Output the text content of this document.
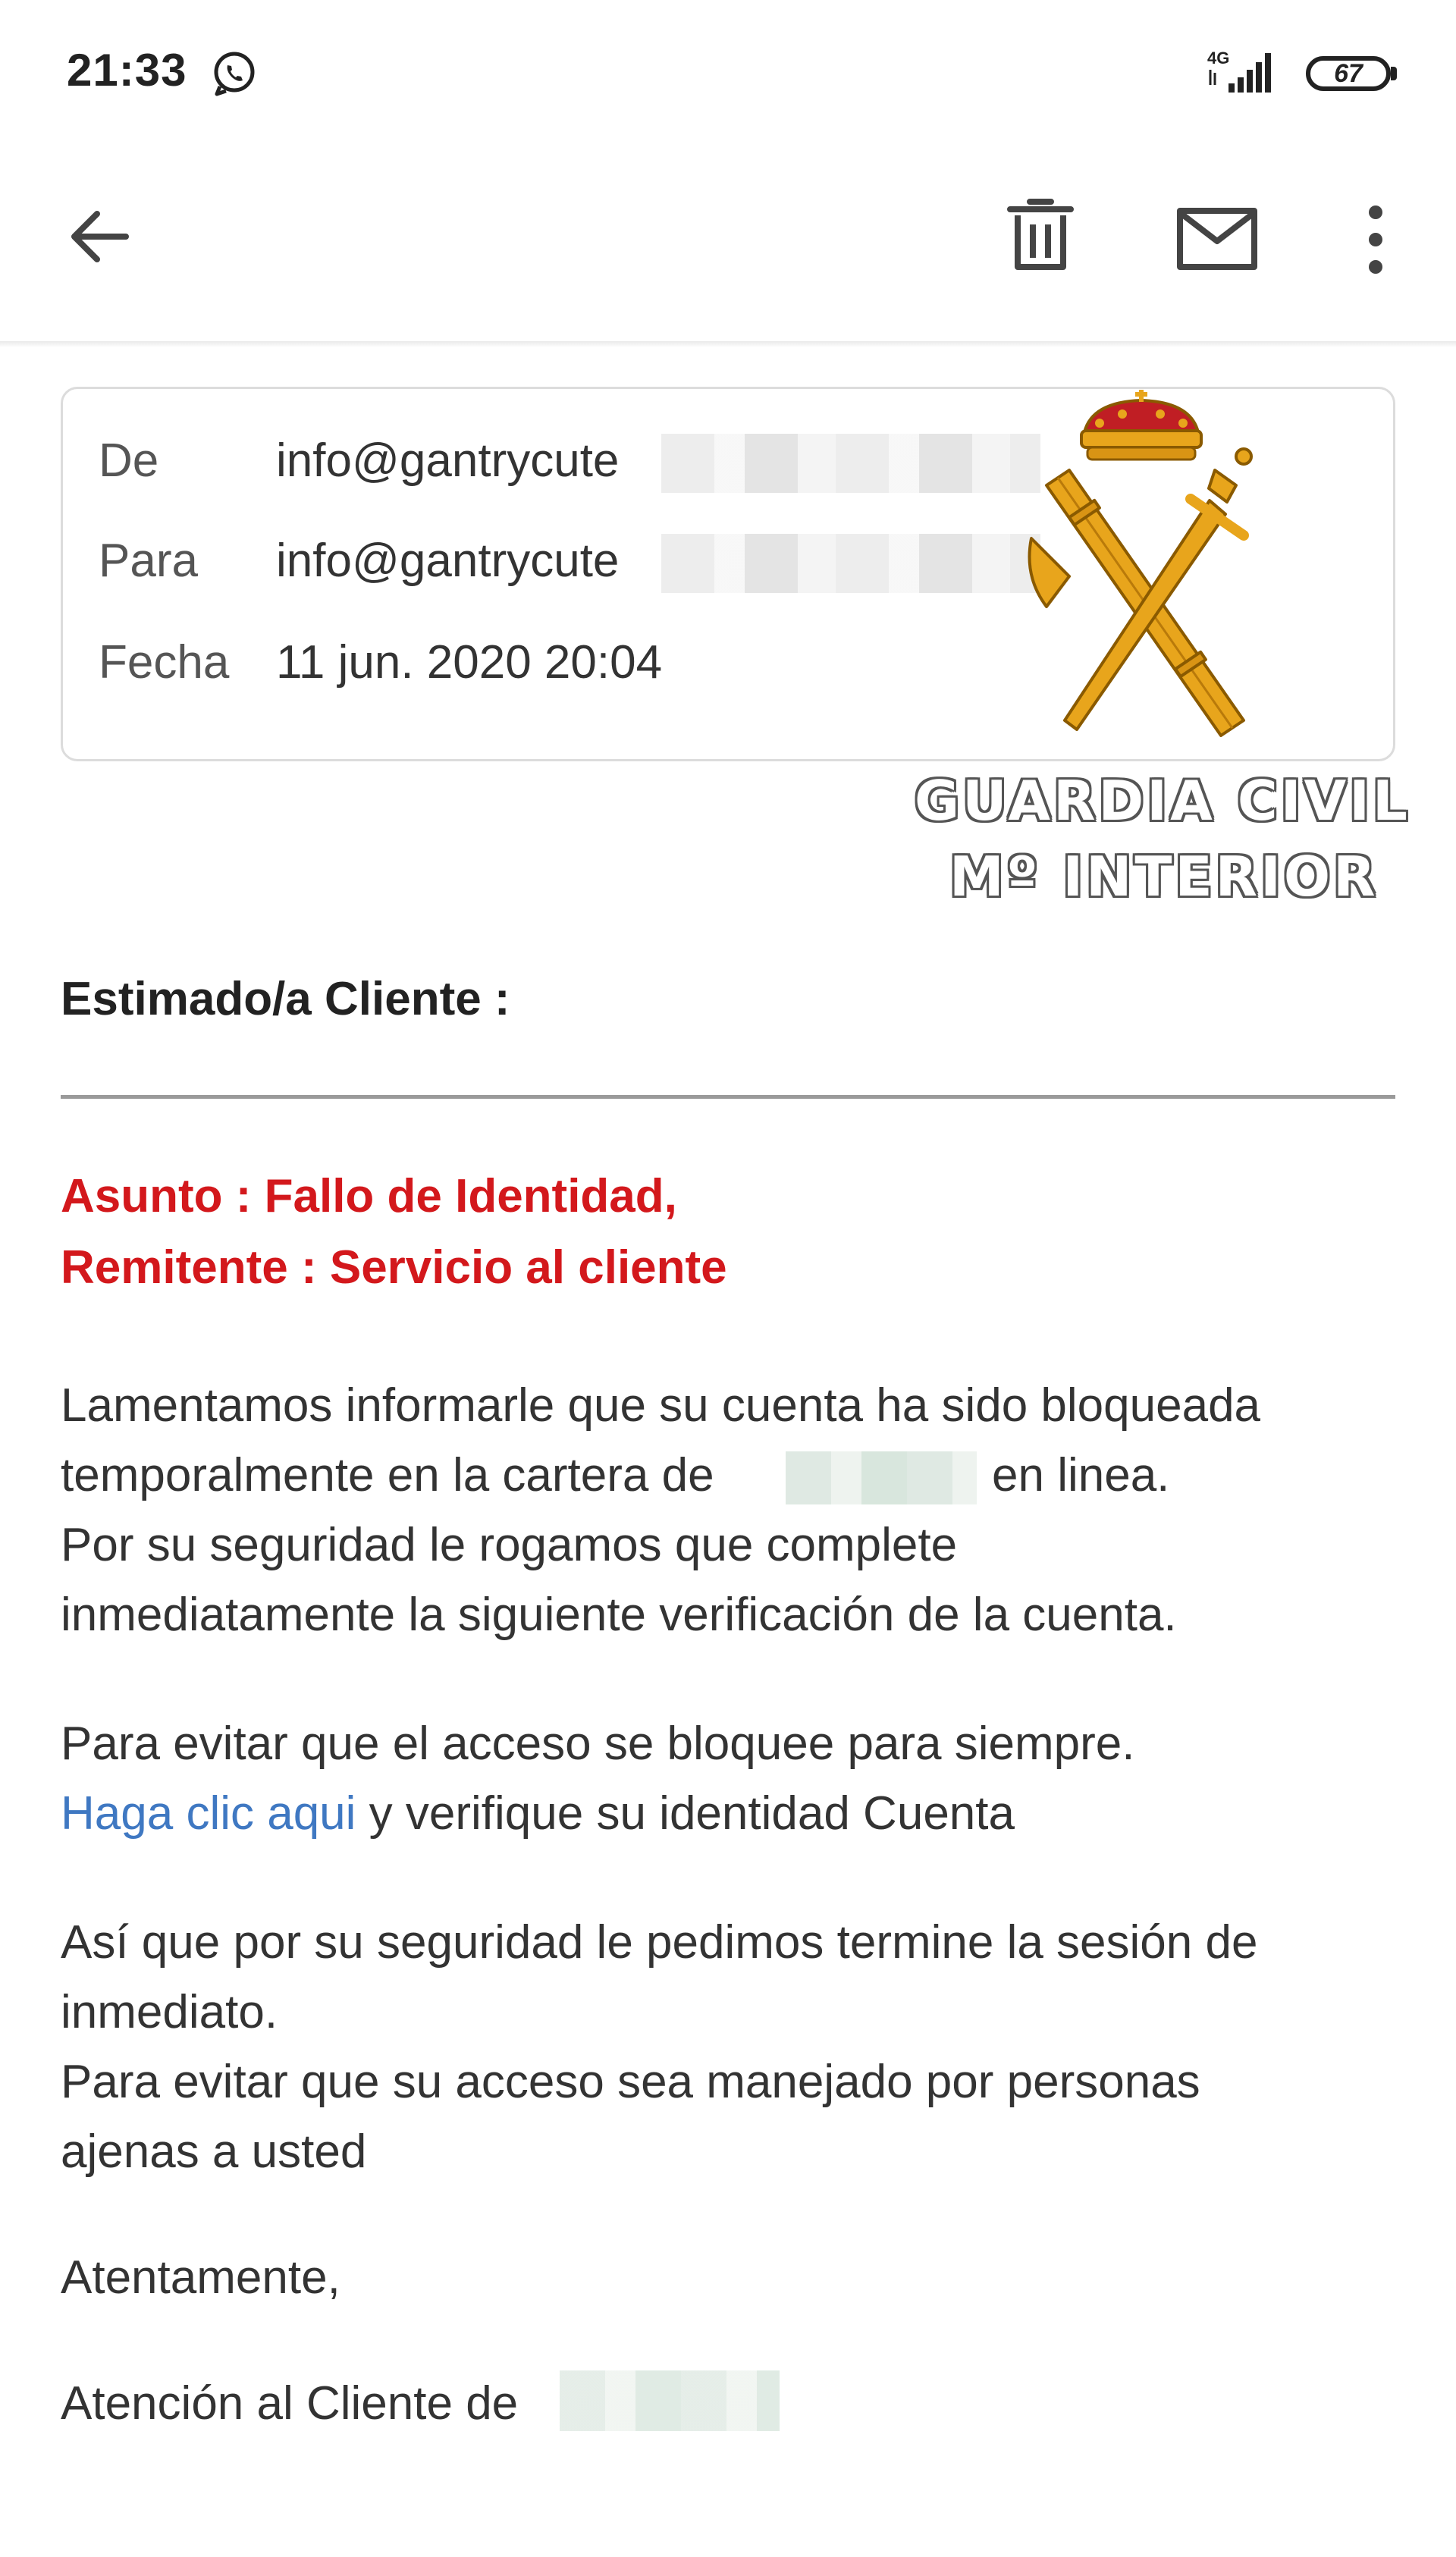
21:33	4G
67
De info@gantrycute
Para info@gantrycute
Fecha 11 jun. 2020 20:04
GUARDIA CIVIL
Mº INTERIOR
Estimado/a Cliente :
Asunto : Fallo de Identidad,
Remitente : Servicio al cliente
Lamentamos informarle que su cuenta ha sido bloqueada
temporalmente en la cartera de	en linea.
Por su seguridad le rogamos que complete
inmediatamente la siguiente verificación de la cuenta.
Para evitar que el acceso se bloquee para siempre.
Haga clic aqui y verifique su identidad Cuenta
Así que por su seguridad le pedimos termine la sesión de
inmediato.
Para evitar que su acceso sea manejado por personas
ajenas a usted
Atentamente,
Atención al Cliente de
